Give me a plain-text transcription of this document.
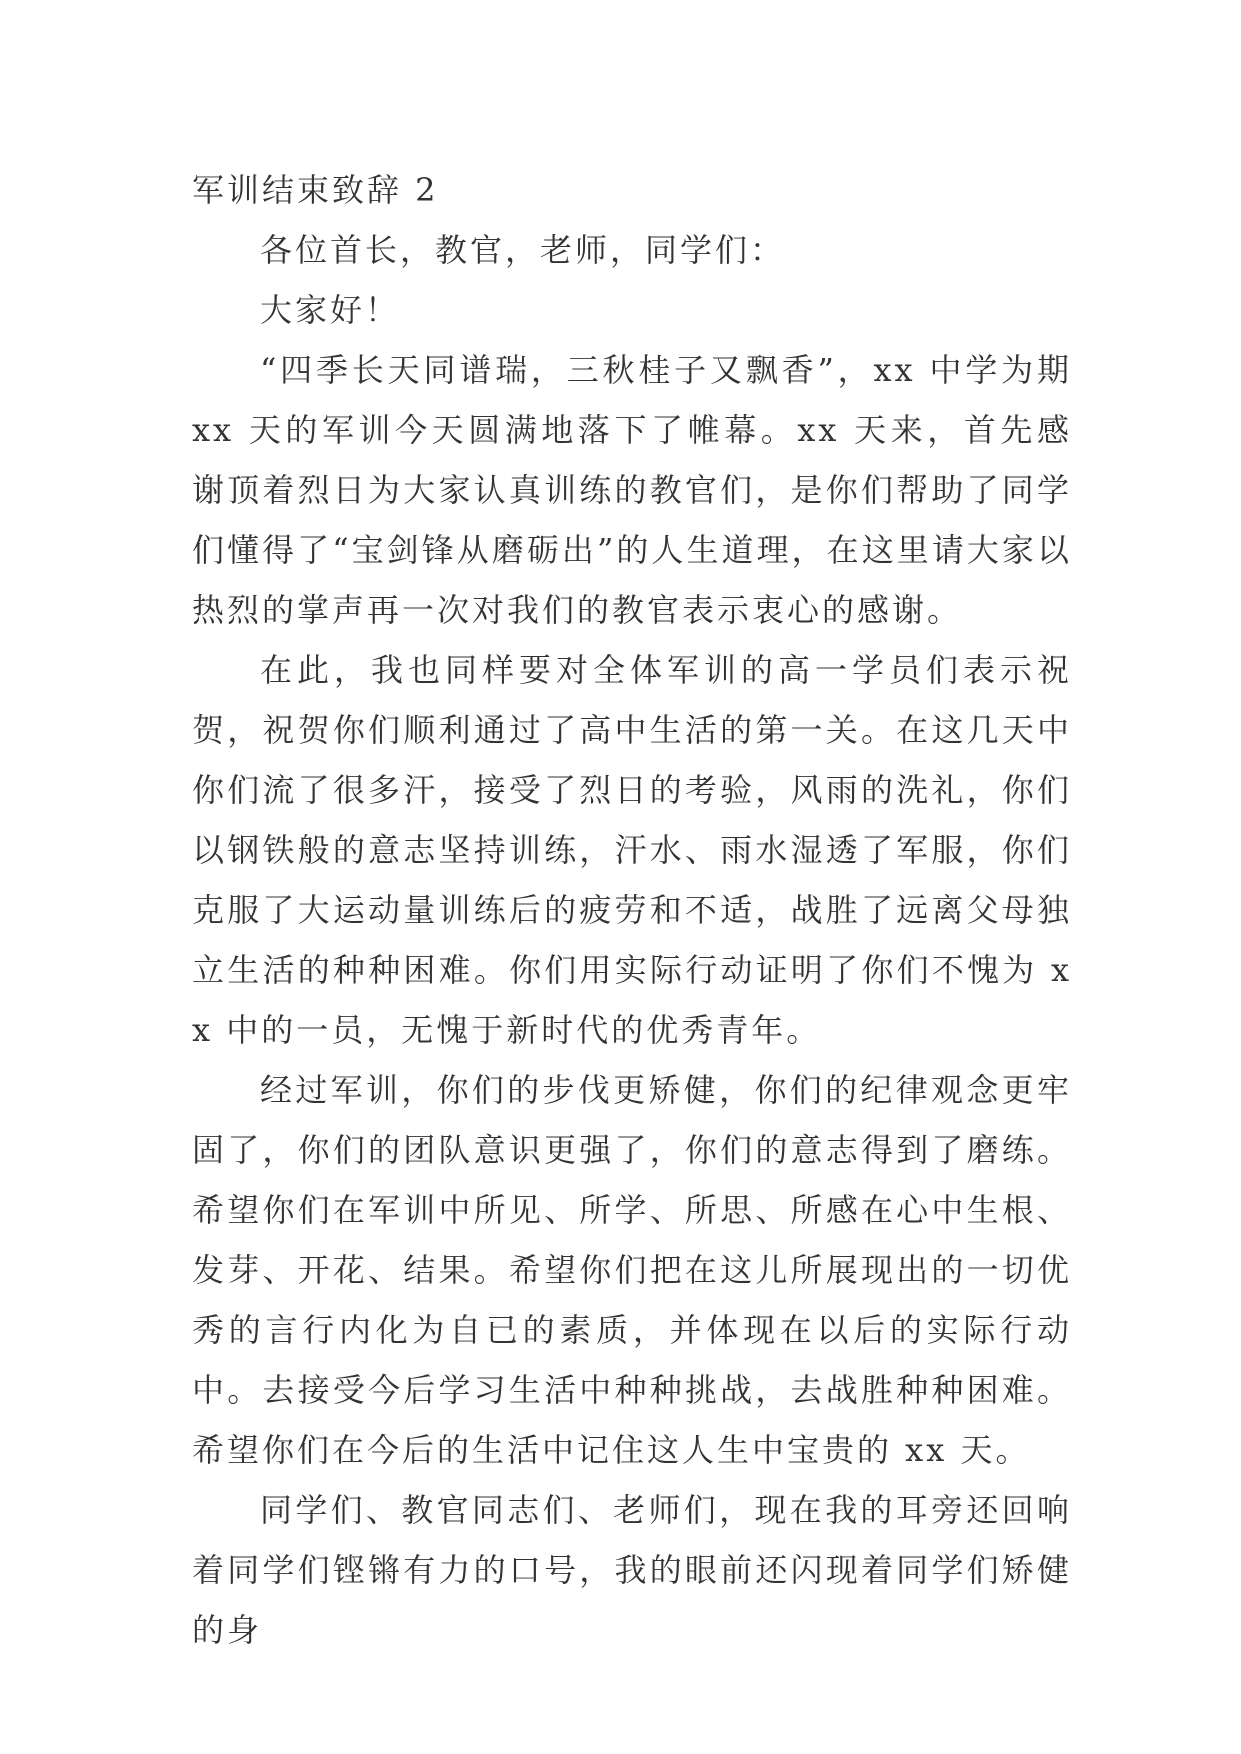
军训结束致辞 2

各位首长，教官，老师，同学们：

大家好！

“四季长天同谱瑞，三秋桂子又飘香”，xx 中学为期 xx 天的军训今天圆满地落下了帷幕。xx 天来，首先感谢顶着烈日为大家认真训练的教官们，是你们帮助了同学们懂得了“宝剑锋从磨砺出”的人生道理，在这里请大家以热烈的掌声再一次对我们的教官表示衷心的感谢。

在此，我也同样要对全体军训的高一学员们表示祝贺，祝贺你们顺利通过了高中生活的第一关。在这几天中你们流了很多汗，接受了烈日的考验，风雨的洗礼，你们以钢铁般的意志坚持训练，汗水、雨水湿透了军服，你们克服了大运动量训练后的疲劳和不适，战胜了远离父母独立生活的种种困难。你们用实际行动证明了你们不愧为 xx 中的一员，无愧于新时代的优秀青年。

经过军训，你们的步伐更矫健，你们的纪律观念更牢固了，你们的团队意识更强了，你们的意志得到了磨练。希望你们在军训中所见、所学、所思、所感在心中生根、发芽、开花、结果。希望你们把在这儿所展现出的一切优秀的言行内化为自已的素质，并体现在以后的实际行动中。去接受今后学习生活中种种挑战，去战胜种种困难。希望你们在今后的生活中记住这人生中宝贵的 xx 天。

同学们、教官同志们、老师们，现在我的耳旁还回响着同学们铿锵有力的口号，我的眼前还闪现着同学们矫健的身
